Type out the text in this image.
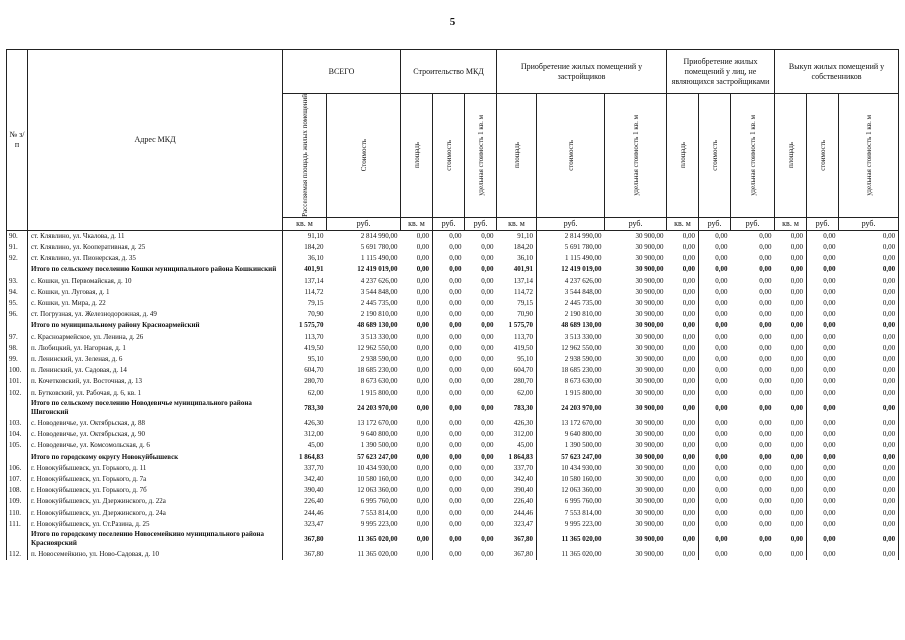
5
№ з/п	Адрес МКД	ВСЕГО		Строительство МКД			Приобретение жилых помещений у застройщиков			Приобретение жилых помещений у лиц, не являющихся застройщиками			Выкуп жилых помещений у собственников		

		Расселяемая площадь жилых помещений	Стоимость	площадь	стоимость	удельная стоимость 1 кв. м	площадь	стоимость	удельная стоимость 1 кв. м	площадь	стоимость	удельная стоимость 1 кв. м	площадь	стоимость	удельная стоимость 1 кв. м

		кв. м	руб.	кв. м	руб.	руб.	кв. м	руб.	руб.	кв. м	руб.	руб.	кв. м	руб.	руб.
90.	ст. Клявлино, ул. Чкалова, д. 11	91,10	2 814 990,00	0,00	0,00	0,00	91,10	2 814 990,00	30 900,00	0,00	0,00	0,00	0,00	0,00	0,00
91.	ст. Клявлино, ул. Кооперативная, д. 25	184,20	5 691 780,00	0,00	0,00	0,00	184,20	5 691 780,00	30 900,00	0,00	0,00	0,00	0,00	0,00	0,00
92.	ст. Клявлино, ул. Пионерская, д. 35	36,10	1 115 490,00	0,00	0,00	0,00	36,10	1 115 490,00	30 900,00	0,00	0,00	0,00	0,00	0,00	0,00
	Итого по сельскому поселению Кошки муниципального района Кошкинский	401,91	12 419 019,00	0,00	0,00	0,00	401,91	12 419 019,00	30 900,00	0,00	0,00	0,00	0,00	0,00	0,00
93.	с. Кошки, ул. Первомайская, д. 10	137,14	4 237 626,00	0,00	0,00	0,00	137,14	4 237 626,00	30 900,00	0,00	0,00	0,00	0,00	0,00	0,00
94.	с. Кошки, ул. Луговая, д. 1	114,72	3 544 848,00	0,00	0,00	0,00	114,72	3 544 848,00	30 900,00	0,00	0,00	0,00	0,00	0,00	0,00
95.	с. Кошки, ул. Мира, д. 22	79,15	2 445 735,00	0,00	0,00	0,00	79,15	2 445 735,00	30 900,00	0,00	0,00	0,00	0,00	0,00	0,00
96.	ст. Погрузная, ул. Железнодорожная, д. 49	70,90	2 190 810,00	0,00	0,00	0,00	70,90	2 190 810,00	30 900,00	0,00	0,00	0,00	0,00	0,00	0,00
	Итого по муниципальному району Красноармейский	1 575,70	48 689 130,00	0,00	0,00	0,00	1 575,70	48 689 130,00	30 900,00	0,00	0,00	0,00	0,00	0,00	0,00
97.	с. Красноармейское, ул. Ленина, д. 26	113,70	3 513 330,00	0,00	0,00	0,00	113,70	3 513 330,00	30 900,00	0,00	0,00	0,00	0,00	0,00	0,00
98.	п. Любицкий, ул. Нагорная, д. 1	419,50	12 962 550,00	0,00	0,00	0,00	419,50	12 962 550,00	30 900,00	0,00	0,00	0,00	0,00	0,00	0,00
99.	п. Ленинский, ул. Зеленая, д. 6	95,10	2 938 590,00	0,00	0,00	0,00	95,10	2 938 590,00	30 900,00	0,00	0,00	0,00	0,00	0,00	0,00
100.	п. Ленинский, ул. Садовая, д. 14	604,70	18 685 230,00	0,00	0,00	0,00	604,70	18 685 230,00	30 900,00	0,00	0,00	0,00	0,00	0,00	0,00
101.	п. Кочетковский, ул. Восточная, д. 13	280,70	8 673 630,00	0,00	0,00	0,00	280,70	8 673 630,00	30 900,00	0,00	0,00	0,00	0,00	0,00	0,00
102.	п. Бутковский, ул. Рабочая, д. 6, кв. 1	62,00	1 915 800,00	0,00	0,00	0,00	62,00	1 915 800,00	30 900,00	0,00	0,00	0,00	0,00	0,00	0,00
	Итого по сельскому поселению Новодевичье муниципального района Шигонский	783,30	24 203 970,00	0,00	0,00	0,00	783,30	24 203 970,00	30 900,00	0,00	0,00	0,00	0,00	0,00	0,00
103.	с. Новодевичье, ул. Октябрьская, д. 88	426,30	13 172 670,00	0,00	0,00	0,00	426,30	13 172 670,00	30 900,00	0,00	0,00	0,00	0,00	0,00	0,00
104.	с. Новодевичье, ул. Октябрьская, д. 90	312,00	9 640 800,00	0,00	0,00	0,00	312,00	9 640 800,00	30 900,00	0,00	0,00	0,00	0,00	0,00	0,00
105.	с. Новодевичье, ул. Комсомольская, д. 6	45,00	1 390 500,00	0,00	0,00	0,00	45,00	1 390 500,00	30 900,00	0,00	0,00	0,00	0,00	0,00	0,00
	Итого по городскому округу Новокуйбышевск	1 864,83	57 623 247,00	0,00	0,00	0,00	1 864,83	57 623 247,00	30 900,00	0,00	0,00	0,00	0,00	0,00	0,00
106.	г. Новокуйбышевск, ул. Горького, д. 11	337,70	10 434 930,00	0,00	0,00	0,00	337,70	10 434 930,00	30 900,00	0,00	0,00	0,00	0,00	0,00	0,00
107.	г. Новокуйбышевск, ул. Горького, д. 7а	342,40	10 580 160,00	0,00	0,00	0,00	342,40	10 580 160,00	30 900,00	0,00	0,00	0,00	0,00	0,00	0,00
108.	г. Новокуйбышевск, ул. Горького, д. 7б	390,40	12 063 360,00	0,00	0,00	0,00	390,40	12 063 360,00	30 900,00	0,00	0,00	0,00	0,00	0,00	0,00
109.	г. Новокуйбышевск, ул. Дзержинского, д. 22а	226,40	6 995 760,00	0,00	0,00	0,00	226,40	6 995 760,00	30 900,00	0,00	0,00	0,00	0,00	0,00	0,00
110.	г. Новокуйбышевск, ул. Дзержинского, д. 24а	244,46	7 553 814,00	0,00	0,00	0,00	244,46	7 553 814,00	30 900,00	0,00	0,00	0,00	0,00	0,00	0,00
111.	г. Новокуйбышевск, ул. Ст.Разина, д. 25	323,47	9 995 223,00	0,00	0,00	0,00	323,47	9 995 223,00	30 900,00	0,00	0,00	0,00	0,00	0,00	0,00
	Итого по городскому поселению Новосемейкино муниципального района Красноярский	367,80	11 365 020,00	0,00	0,00	0,00	367,80	11 365 020,00	30 900,00	0,00	0,00	0,00	0,00	0,00	0,00
112.	п. Новосемейкино, ул. Ново-Садовая, д. 10	367,80	11 365 020,00	0,00	0,00	0,00	367,80	11 365 020,00	30 900,00	0,00	0,00	0,00	0,00	0,00	0,00
